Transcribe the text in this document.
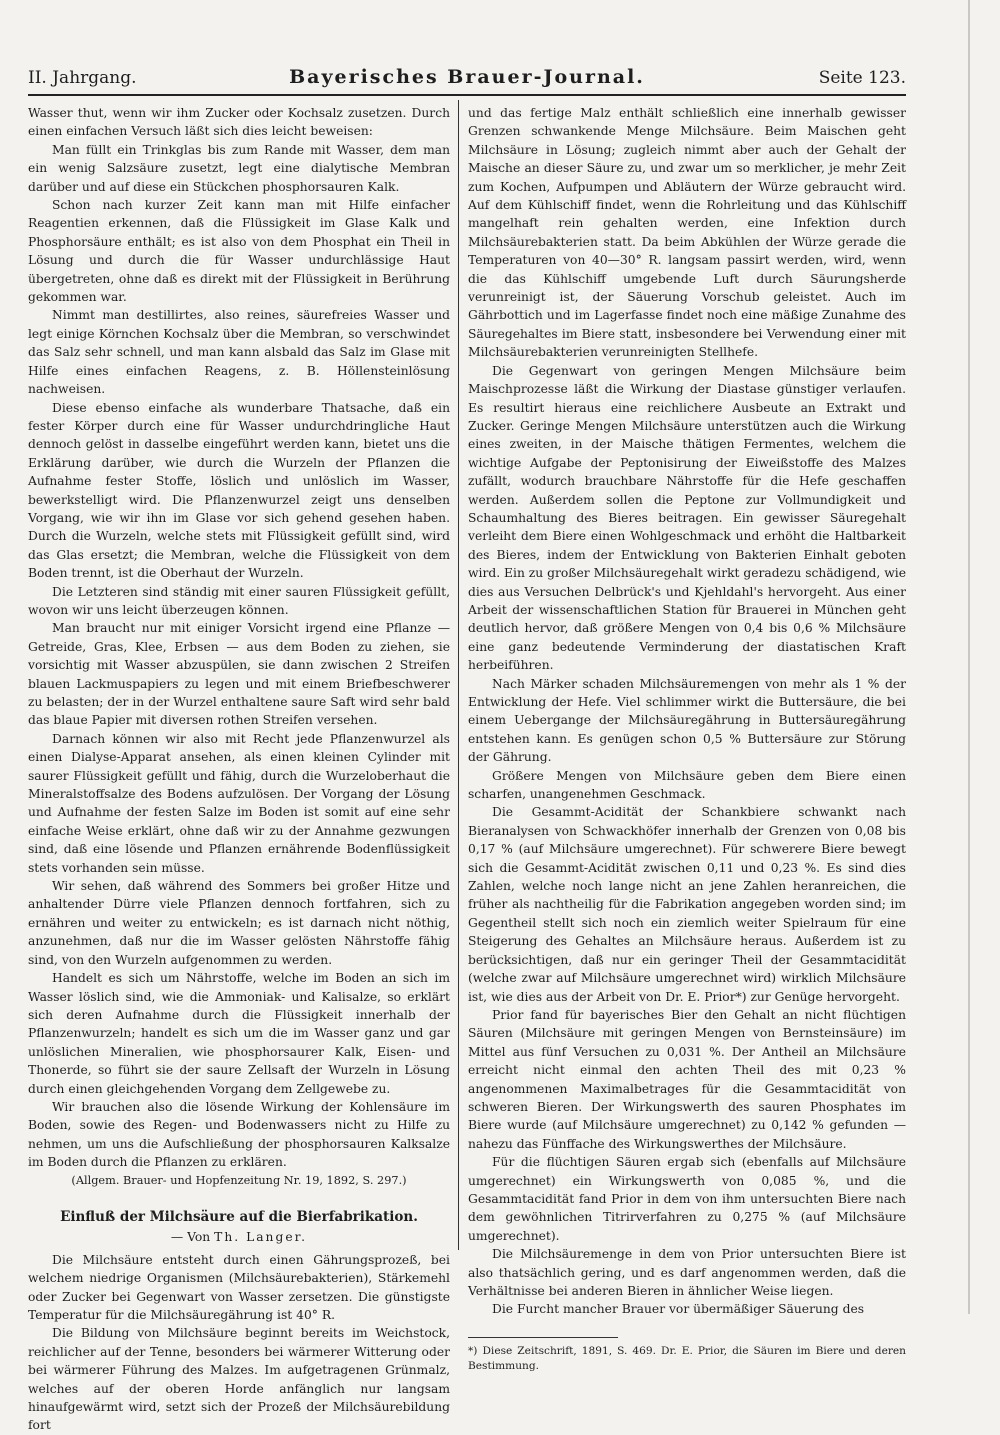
II. Jahrgang.	Bayerisches Brauer-Journal.	Seite 123.

Wasser thut, wenn wir ihm Zucker oder Kochsalz zusetzen. Durch einen einfachen Versuch läßt sich dies leicht beweisen:

Man füllt ein Trinkglas bis zum Rande mit Wasser, dem man ein wenig Salzsäure zusetzt, legt eine dialytische Membran darüber und auf diese ein Stückchen phosphorsauren Kalk.

Schon nach kurzer Zeit kann man mit Hilfe einfacher Reagentien erkennen, daß die Flüssigkeit im Glase Kalk und Phosphorsäure enthält; es ist also von dem Phosphat ein Theil in Lösung und durch die für Wasser undurchlässige Haut übergetreten, ohne daß es direkt mit der Flüssigkeit in Berührung gekommen war.

Nimmt man destillirtes, also reines, säurefreies Wasser und legt einige Körnchen Kochsalz über die Membran, so verschwindet das Salz sehr schnell, und man kann alsbald das Salz im Glase mit Hilfe eines einfachen Reagens, z. B. Höllensteinlösung nachweisen.

Diese ebenso einfache als wunderbare Thatsache, daß ein fester Körper durch eine für Wasser undurchdringliche Haut dennoch gelöst in dasselbe eingeführt werden kann, bietet uns die Erklärung darüber, wie durch die Wurzeln der Pflanzen die Aufnahme fester Stoffe, löslich und unlöslich im Wasser, bewerkstelligt wird. Die Pflanzenwurzel zeigt uns denselben Vorgang, wie wir ihn im Glase vor sich gehend gesehen haben. Durch die Wurzeln, welche stets mit Flüssigkeit gefüllt sind, wird das Glas ersetzt; die Membran, welche die Flüssigkeit von dem Boden trennt, ist die Oberhaut der Wurzeln.

Die Letzteren sind ständig mit einer sauren Flüssigkeit gefüllt, wovon wir uns leicht überzeugen können.

Man braucht nur mit einiger Vorsicht irgend eine Pflanze — Getreide, Gras, Klee, Erbsen — aus dem Boden zu ziehen, sie vorsichtig mit Wasser abzuspülen, sie dann zwischen 2 Streifen blauen Lackmuspapiers zu legen und mit einem Briefbeschwerer zu belasten; der in der Wurzel enthaltene saure Saft wird sehr bald das blaue Papier mit diversen rothen Streifen versehen.

Darnach können wir also mit Recht jede Pflanzenwurzel als einen Dialyse-Apparat ansehen, als einen kleinen Cylinder mit saurer Flüssigkeit gefüllt und fähig, durch die Wurzeloberhaut die Mineralstoffsalze des Bodens aufzulösen. Der Vorgang der Lösung und Aufnahme der festen Salze im Boden ist somit auf eine sehr einfache Weise erklärt, ohne daß wir zu der Annahme gezwungen sind, daß eine lösende und Pflanzen ernährende Bodenflüssigkeit stets vorhanden sein müsse.

Wir sehen, daß während des Sommers bei großer Hitze und anhaltender Dürre viele Pflanzen dennoch fortfahren, sich zu ernähren und weiter zu entwickeln; es ist darnach nicht nöthig, anzunehmen, daß nur die im Wasser gelösten Nährstoffe fähig sind, von den Wurzeln aufgenommen zu werden.

Handelt es sich um Nährstoffe, welche im Boden an sich im Wasser löslich sind, wie die Ammoniak- und Kalisalze, so erklärt sich deren Aufnahme durch die Flüssigkeit innerhalb der Pflanzenwurzeln; handelt es sich um die im Wasser ganz und gar unlöslichen Mineralien, wie phosphorsaurer Kalk, Eisen- und Thonerde, so führt sie der saure Zellsaft der Wurzeln in Lösung durch einen gleichgehenden Vorgang dem Zellgewebe zu.

Wir brauchen also die lösende Wirkung der Kohlensäure im Boden, sowie des Regen- und Bodenwassers nicht zu Hilfe zu nehmen, um uns die Aufschließung der phosphorsauren Kalksalze im Boden durch die Pflanzen zu erklären.

(Allgem. Brauer- und Hopfenzeitung Nr. 19, 1892, S. 297.)

Einfluß der Milchsäure auf die Bierfabrikation.
— Von Th. Langer.

Die Milchsäure entsteht durch einen Gährungsprozeß, bei welchem niedrige Organismen (Milchsäurebakterien), Stärkemehl oder Zucker bei Gegenwart von Wasser zersetzen. Die günstigste Temperatur für die Milchsäuregährung ist 40° R.

Die Bildung von Milchsäure beginnt bereits im Weichstock, reichlicher auf der Tenne, besonders bei wärmerer Witterung oder bei wärmerer Führung des Malzes. Im aufgetragenen Grünmalz, welches auf der oberen Horde anfänglich nur langsam hinaufgewärmt wird, setzt sich der Prozeß der Milchsäurebildung fort

und das fertige Malz enthält schließlich eine innerhalb gewisser Grenzen schwankende Menge Milchsäure. Beim Maischen geht Milchsäure in Lösung; zugleich nimmt aber auch der Gehalt der Maische an dieser Säure zu, und zwar um so merklicher, je mehr Zeit zum Kochen, Aufpumpen und Abläutern der Würze gebraucht wird. Auf dem Kühlschiff findet, wenn die Rohrleitung und das Kühlschiff mangelhaft rein gehalten werden, eine Infektion durch Milchsäurebakterien statt. Da beim Abkühlen der Würze gerade die Temperaturen von 40—30° R. langsam passirt werden, wird, wenn die das Kühlschiff umgebende Luft durch Säurungsherde verunreinigt ist, der Säuerung Vorschub geleistet. Auch im Gährbottich und im Lagerfasse findet noch eine mäßige Zunahme des Säuregehaltes im Biere statt, insbesondere bei Verwendung einer mit Milchsäurebakterien verunreinigten Stellhefe.

Die Gegenwart von geringen Mengen Milchsäure beim Maischprozesse läßt die Wirkung der Diastase günstiger verlaufen. Es resultirt hieraus eine reichlichere Ausbeute an Extrakt und Zucker. Geringe Mengen Milchsäure unterstützen auch die Wirkung eines zweiten, in der Maische thätigen Fermentes, welchem die wichtige Aufgabe der Peptonisirung der Eiweißstoffe des Malzes zufällt, wodurch brauchbare Nährstoffe für die Hefe geschaffen werden. Außerdem sollen die Peptone zur Vollmundigkeit und Schaumhaltung des Bieres beitragen. Ein gewisser Säuregehalt verleiht dem Biere einen Wohlgeschmack und erhöht die Haltbarkeit des Bieres, indem der Entwicklung von Bakterien Einhalt geboten wird. Ein zu großer Milchsäuregehalt wirkt geradezu schädigend, wie dies aus Versuchen Delbrück's und Kjehldahl's hervorgeht. Aus einer Arbeit der wissenschaftlichen Station für Brauerei in München geht deutlich hervor, daß größere Mengen von 0,4 bis 0,6 % Milchsäure eine ganz bedeutende Verminderung der diastatischen Kraft herbeiführen.

Nach Märker schaden Milchsäuremengen von mehr als 1 % der Entwicklung der Hefe. Viel schlimmer wirkt die Buttersäure, die bei einem Uebergange der Milchsäuregährung in Buttersäuregährung entstehen kann. Es genügen schon 0,5 % Buttersäure zur Störung der Gährung.

Größere Mengen von Milchsäure geben dem Biere einen scharfen, unangenehmen Geschmack.

Die Gesammt-Acidität der Schankbiere schwankt nach Bieranalysen von Schwackhöfer innerhalb der Grenzen von 0,08 bis 0,17 % (auf Milchsäure umgerechnet). Für schwerere Biere bewegt sich die Gesammt-Acidität zwischen 0,11 und 0,23 %. Es sind dies Zahlen, welche noch lange nicht an jene Zahlen heranreichen, die früher als nachtheilig für die Fabrikation angegeben worden sind; im Gegentheil stellt sich noch ein ziemlich weiter Spielraum für eine Steigerung des Gehaltes an Milchsäure heraus. Außerdem ist zu berücksichtigen, daß nur ein geringer Theil der Gesammtacidität (welche zwar auf Milchsäure umgerechnet wird) wirklich Milchsäure ist, wie dies aus der Arbeit von Dr. E. Prior*) zur Genüge hervorgeht.

Prior fand für bayerisches Bier den Gehalt an nicht flüchtigen Säuren (Milchsäure mit geringen Mengen von Bernsteinsäure) im Mittel aus fünf Versuchen zu 0,031 %. Der Antheil an Milchsäure erreicht nicht einmal den achten Theil des mit 0,23 % angenommenen Maximalbetrages für die Gesammtacidität von schweren Bieren. Der Wirkungswerth des sauren Phosphates im Biere wurde (auf Milchsäure umgerechnet) zu 0,142 % gefunden — nahezu das Fünffache des Wirkungswerthes der Milchsäure.

Für die flüchtigen Säuren ergab sich (ebenfalls auf Milchsäure umgerechnet) ein Wirkungswerth von 0,085 %, und die Gesammtacidität fand Prior in dem von ihm untersuchten Biere nach dem gewöhnlichen Titrirverfahren zu 0,275 % (auf Milchsäure umgerechnet).

Die Milchsäuremenge in dem von Prior untersuchten Biere ist also thatsächlich gering, und es darf angenommen werden, daß die Verhältnisse bei anderen Bieren in ähnlicher Weise liegen.

Die Furcht mancher Brauer vor übermäßiger Säuerung des

*) Diese Zeitschrift, 1891, S. 469. Dr. E. Prior, die Säuren im Biere und deren Bestimmung.
